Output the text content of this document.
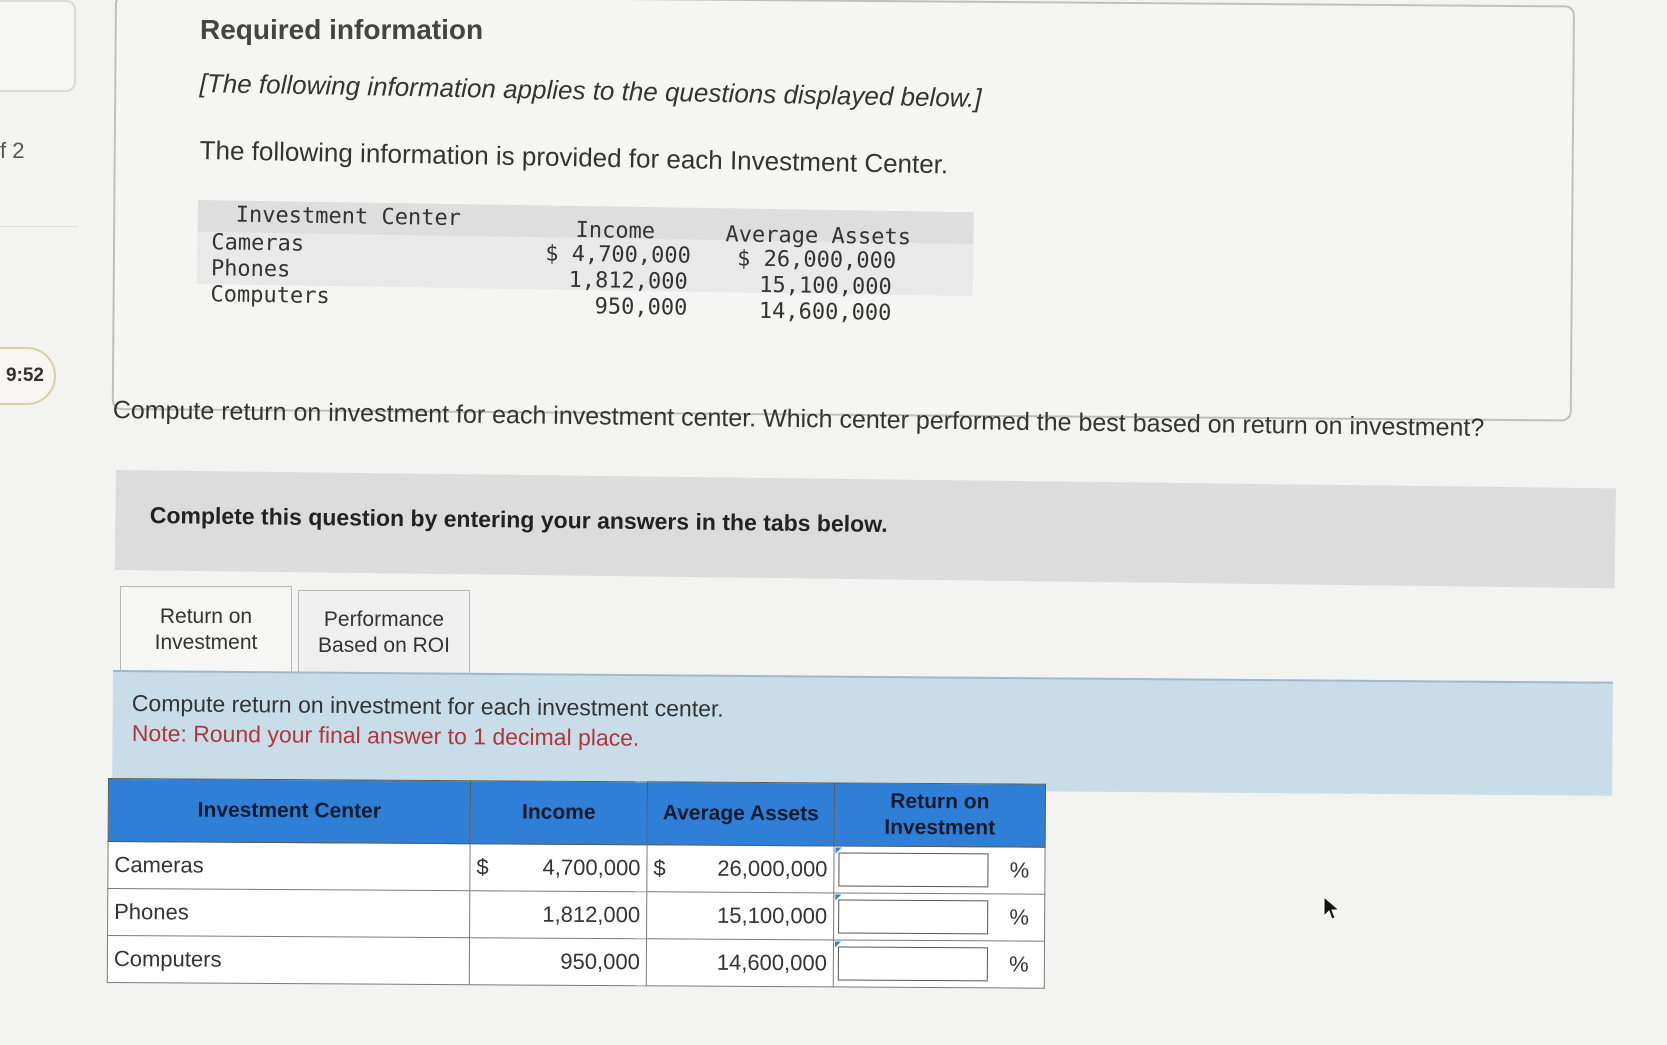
f 2
9:52
Required information
[The following information applies to the questions displayed below.]
The following information is provided for each Investment Center.
Investment Center	Income	Average Assets
Cameras	$ 4,700,000 $ 26,000,000
Phones	1,812,000	15,100,000
Computers	950,000	14,600,000
Compute return on investment for each investment center. Which center performed the best based on return on investment?
Complete this question by entering your answers in the tabs below.
Return on
Investment
Performance
Based on ROI
Compute return on investment for each investment center.
Note: Round your final answer to 1 decimal place.
Investment Center	Income	Average Assets	Return on
Investment	

Cameras	$ 4,700,000	$ 26,000,000		%
Phones	1,812,000	15,100,000		%
Computers	950,000	14,600,000		%
